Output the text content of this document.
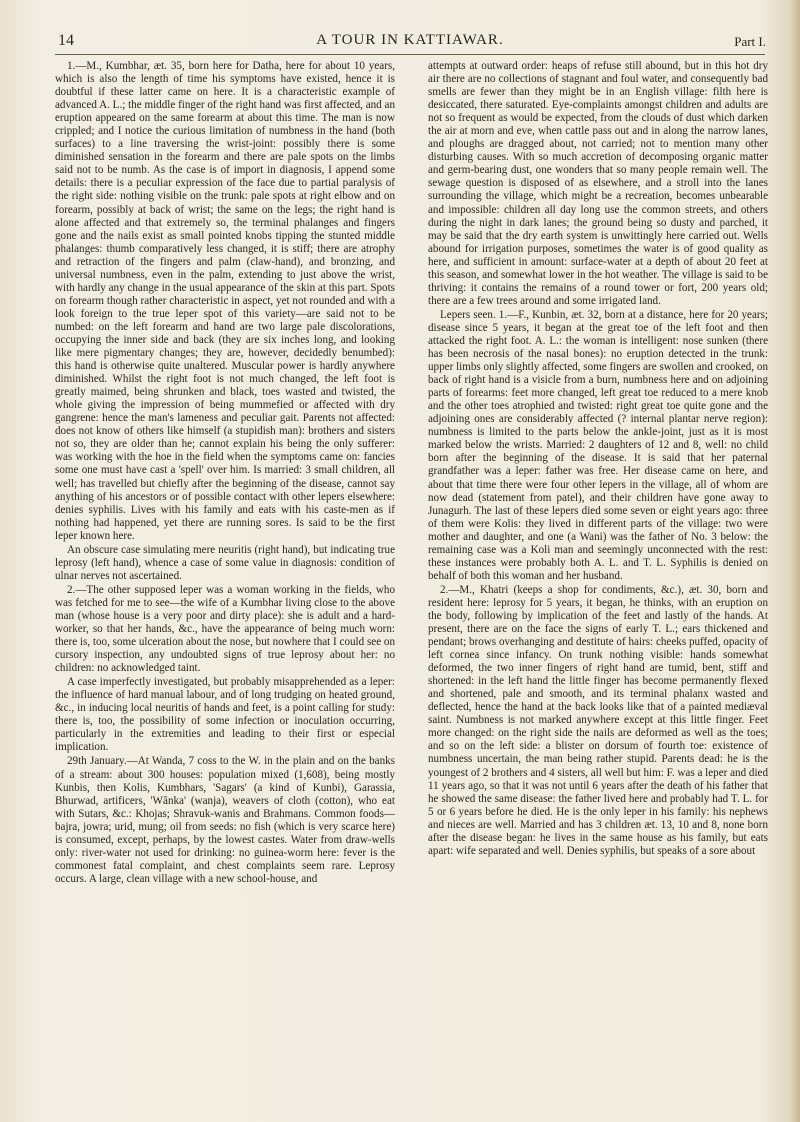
14	A TOUR IN KATTIAWAR.	Part I.

1.—M., Kumbhar, æt. 35, born here for Datha, here for about 10 years, which is also the length of time his symptoms have existed, hence it is doubtful if these latter came on here. It is a characteristic example of advanced A. L.; the middle finger of the right hand was first affected, and an eruption appeared on the same forearm at about this time. The man is now crippled; and I notice the curious limitation of numbness in the hand (both surfaces) to a line traversing the wrist-joint: possibly there is some diminished sensation in the forearm and there are pale spots on the limbs said not to be numb. As the case is of import in diagnosis, I append some details: there is a peculiar expression of the face due to partial paralysis of the right side: nothing visible on the trunk: pale spots at right elbow and on forearm, possibly at back of wrist; the same on the legs; the right hand is alone affected and that extremely so, the terminal phalanges and fingers gone and the nails exist as small pointed knobs tipping the stunted middle phalanges: thumb comparatively less changed, it is stiff; there are atrophy and retraction of the fingers and palm (claw-hand), and bronzing, and universal numbness, even in the palm, extending to just above the wrist, with hardly any change in the usual appearance of the skin at this part. Spots on forearm though rather characteristic in aspect, yet not rounded and with a look foreign to the true leper spot of this variety—are said not to be numbed: on the left forearm and hand are two large pale discolorations, occupying the inner side and back (they are six inches long, and looking like mere pigmentary changes; they are, however, decidedly benumbed): this hand is otherwise quite unaltered. Muscular power is hardly anywhere diminished. Whilst the right foot is not much changed, the left foot is greatly maimed, being shrunken and black, toes wasted and twisted, the whole giving the impression of being mummefied or affected with dry gangrene: hence the man's lameness and peculiar gait. Parents not affected: does not know of others like himself (a stupidish man): brothers and sisters not so, they are older than he; cannot explain his being the only sufferer: was working with the hoe in the field when the symptoms came on: fancies some one must have cast a 'spell' over him. Is married: 3 small children, all well; has travelled but chiefly after the beginning of the disease, cannot say anything of his ancestors or of possible contact with other lepers elsewhere: denies syphilis. Lives with his family and eats with his caste-men as if nothing had happened, yet there are running sores. Is said to be the first leper known here.

An obscure case simulating mere neuritis (right hand), but indicating true leprosy (left hand), whence a case of some value in diagnosis: condition of ulnar nerves not ascertained.

2.—The other supposed leper was a woman working in the fields, who was fetched for me to see—the wife of a Kumbhar living close to the above man (whose house is a very poor and dirty place): she is adult and a hard-worker, so that her hands, &c., have the appearance of being much worn: there is, too, some ulceration about the nose, but nowhere that I could see on cursory inspection, any undoubted signs of true leprosy about her: no children: no acknowledged taint.

A case imperfectly investigated, but probably misapprehended as a leper: the influence of hard manual labour, and of long trudging on heated ground, &c., in inducing local neuritis of hands and feet, is a point calling for study: there is, too, the possibility of some infection or inoculation occurring, particularly in the extremities and leading to their first or especial implication.

29th January.—At Wanda, 7 coss to the W. in the plain and on the banks of a stream: about 300 houses: population mixed (1,608), being mostly Kunbis, then Kolis, Kumbhars, 'Sagars' (a kind of Kunbi), Garassia, Bhurwad, artificers, 'Wânka' (wanja), weavers of cloth (cotton), who eat with Sutars, &c.: Khojas; Shravuk-wanis and Brahmans. Common foods—bajra, jowra; urid, mung; oil from seeds: no fish (which is very scarce here) is consumed, except, perhaps, by the lowest castes. Water from draw-wells only: river-water not used for drinking: no guinea-worm here: fever is the commonest fatal complaint, and chest complaints seem rare. Leprosy occurs. A large, clean village with a new school-house, and

attempts at outward order: heaps of refuse still abound, but in this hot dry air there are no collections of stagnant and foul water, and consequently bad smells are fewer than they might be in an English village: filth here is desiccated, there saturated. Eye-complaints amongst children and adults are not so frequent as would be expected, from the clouds of dust which darken the air at morn and eve, when cattle pass out and in along the narrow lanes, and ploughs are dragged about, not carried; not to mention many other disturbing causes. With so much accretion of decomposing organic matter and germ-bearing dust, one wonders that so many people remain well. The sewage question is disposed of as elsewhere, and a stroll into the lanes surrounding the village, which might be a recreation, becomes unbearable and impossible: children all day long use the common streets, and others during the night in dark lanes; the ground being so dusty and parched, it may be said that the dry earth system is unwittingly here carried out. Wells abound for irrigation purposes, sometimes the water is of good quality as here, and sufficient in amount: surface-water at a depth of about 20 feet at this season, and somewhat lower in the hot weather. The village is said to be thriving: it contains the remains of a round tower or fort, 200 years old; there are a few trees around and some irrigated land.

Lepers seen. 1.—F., Kunbin, æt. 32, born at a distance, here for 20 years; disease since 5 years, it began at the great toe of the left foot and then attacked the right foot. A. L.: the woman is intelligent: nose sunken (there has been necrosis of the nasal bones): no eruption detected in the trunk: upper limbs only slightly affected, some fingers are swollen and crooked, on back of right hand is a visicle from a burn, numbness here and on adjoining parts of forearms: feet more changed, left great toe reduced to a mere knob and the other toes atrophied and twisted: right great toe quite gone and the adjoining ones are considerably affected (? internal plantar nerve region): numbness is limited to the parts below the ankle-joint, just as it is most marked below the wrists. Married: 2 daughters of 12 and 8, well: no child born after the beginning of the disease. It is said that her paternal grandfather was a leper: father was free. Her disease came on here, and about that time there were four other lepers in the village, all of whom are now dead (statement from patel), and their children have gone away to Junagurh. The last of these lepers died some seven or eight years ago: three of them were Kolis: they lived in different parts of the village: two were mother and daughter, and one (a Wani) was the father of No. 3 below: the remaining case was a Koli man and seemingly unconnected with the rest: these instances were probably both A. L. and T. L. Syphilis is denied on behalf of both this woman and her husband.

2.—M., Khatri (keeps a shop for condiments, &c.), æt. 30, born and resident here: leprosy for 5 years, it began, he thinks, with an eruption on the body, following by implication of the feet and lastly of the hands. At present, there are on the face the signs of early T. L.; ears thickened and pendant; brows overhanging and destitute of hairs: cheeks puffed, opacity of left cornea since infancy. On trunk nothing visible: hands somewhat deformed, the two inner fingers of right hand are tumid, bent, stiff and shortened: in the left hand the little finger has become permanently flexed and shortened, pale and smooth, and its terminal phalanx wasted and deflected, hence the hand at the back looks like that of a painted mediæval saint. Numbness is not marked anywhere except at this little finger. Feet more changed: on the right side the nails are deformed as well as the toes; and so on the left side: a blister on dorsum of fourth toe: existence of numbness uncertain, the man being rather stupid. Parents dead: he is the youngest of 2 brothers and 4 sisters, all well but him: F. was a leper and died 11 years ago, so that it was not until 6 years after the death of his father that he showed the same disease: the father lived here and probably had T. L. for 5 or 6 years before he died. He is the only leper in his family: his nephews and nieces are well. Married and has 3 children æt. 13, 10 and 8, none born after the disease began: he lives in the same house as his family, but eats apart: wife separated and well. Denies syphilis, but speaks of a sore about
